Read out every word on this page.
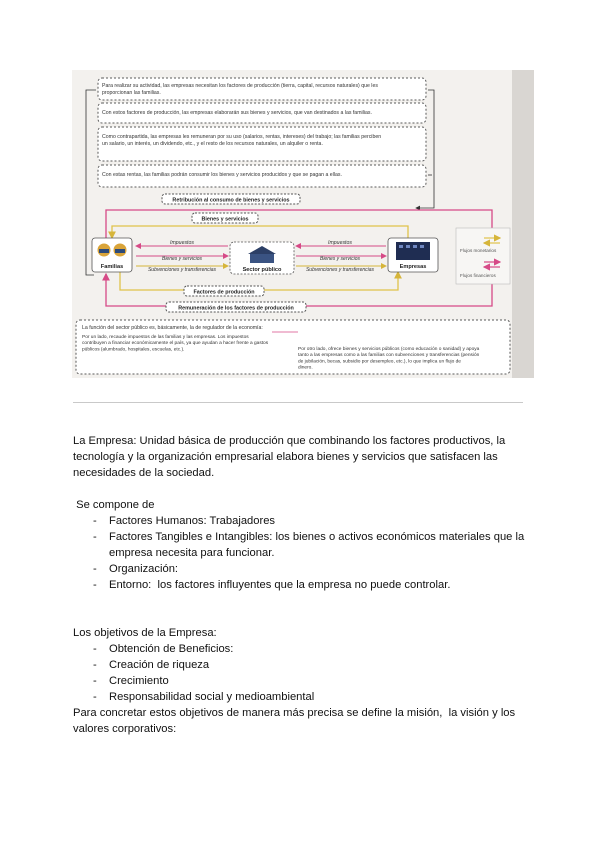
Para realizar su actividad, las empresas necesitan los factores de producción (tierra, capital, recursos naturales) que les proporcionan las familias.
Con estos factores de producción, las empresas elaborarán sus bienes y servicios, que van destinados a las familias.
Como contrapartida, las empresas les remuneran por su uso (salarios, rentas, intereses) del trabajo; las familias perciben un salario, un interés, un dividendo, etc., y el resto de los recursos naturales, un alquiler o renta.
Con estas rentas, las familias podrán consumir los bienes y servicios producidos y que se pagan a ellas.
Retribución al consumo de bienes y servicios
Bienes y servicios
Factores de producción
Remuneración de los factores de producción
Familias	Sector público	Empresas
Impuestos
Bienes y servicios
Subvenciones y transferencias
Impuestos
Bienes y servicios
Subvenciones y transferencias
Flujos monetarios
Flujos financieros
La función del sector público es, básicamente, la de regulador de la economía:
Por un lado, recaude impuestos de las familias y las empresas. Los impuestos contribuyen a financiar económicamente el país, ya que ayudan a hacer frente a gastos públicos (alumbrado, hospitales, escuelas, etc.).	Por otro lado, ofrece bienes y servicios públicos (como educación o sanidad) y apoya tanto a las empresas como a las familias con subvenciones y transferencias (pensión de jubilación, becas, subsidio por desempleo, etc.), lo que implica un flujo de dinero.

La Empresa: Unidad básica de producción que combinando los factores productivos, la tecnología y la organización empresarial elabora bienes y servicios que satisfacen las necesidades de la sociedad.

Se compone de

- Factores Humanos: Trabajadores
- Factores Tangibles e Intangibles: los bienes o activos económicos materiales que la empresa necesita para funcionar.
- Organización:
- Entorno:  los factores influyentes que la empresa no puede controlar.

Los objetivos de la Empresa:

- Obtención de Beneficios:
- Creación de riqueza
- Crecimiento
- Responsabilidad social y medioambiental

Para concretar estos objetivos de manera más precisa se define la misión,  la visión y los valores corporativos:
